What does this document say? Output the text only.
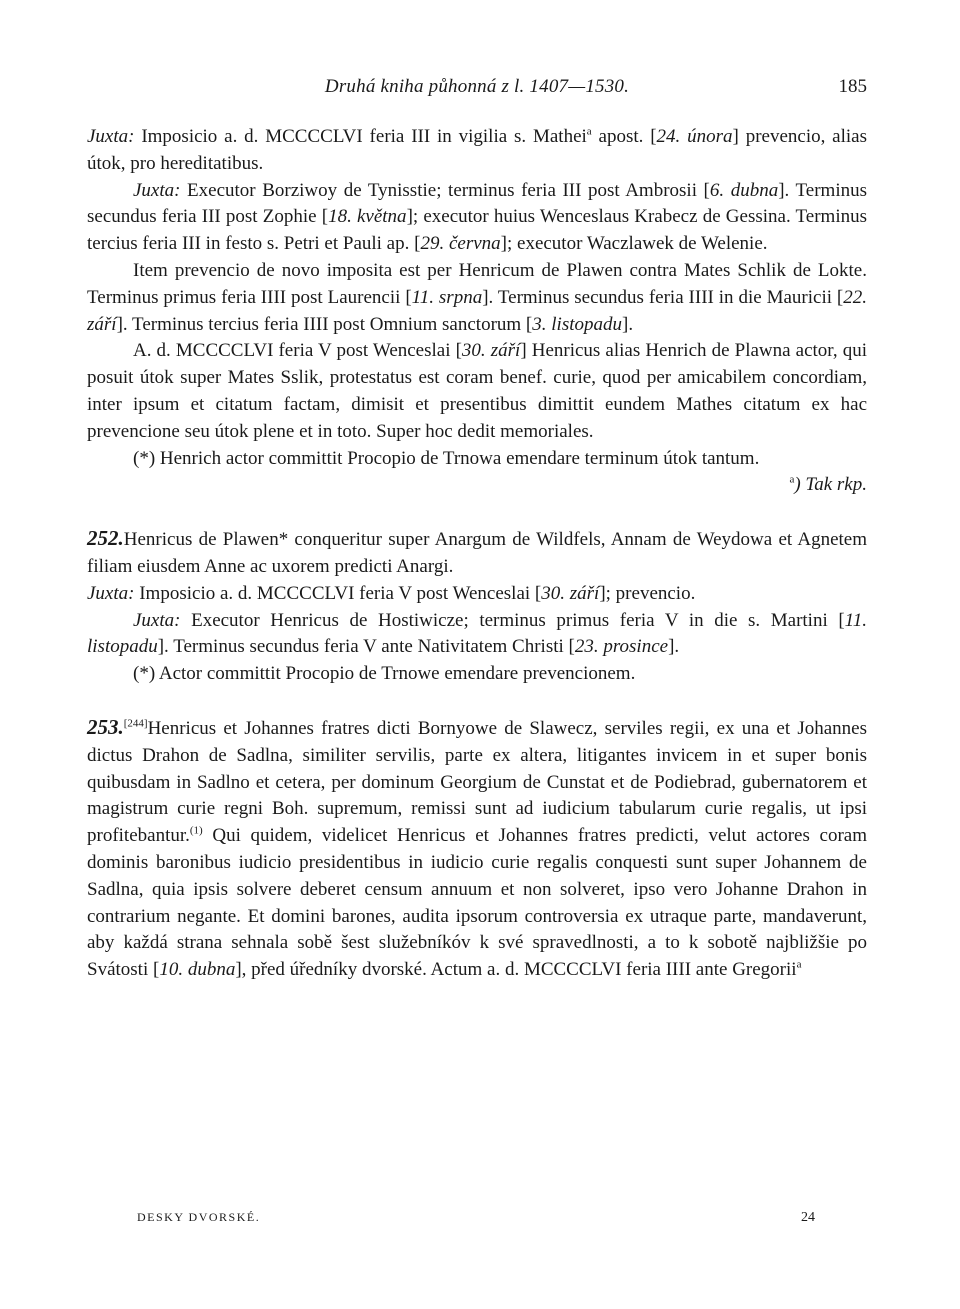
Druhá kniha půhonná z l. 1407—1530.	185

Juxta: Imposicio a. d. MCCCCLVI feria III in vigilia s. Mathei$^a$ apost. [24. února] prevencio, alias útok, pro hereditatibus.

Juxta: Executor Borziwoy de Tynisstie; terminus feria III post Ambrosii [6. dubna]. Terminus secundus feria III post Zophie [18. května]; executor huius Wenceslaus Krabecz de Gessina. Terminus tercius feria III in festo s. Petri et Pauli ap. [29. června]; executor Waczlawek de Welenie.

Item prevencio de novo imposita est per Henricum de Plawen contra Mates Schlik de Lokte. Terminus primus feria IIII post Laurencii [11. srpna]. Terminus secundus feria IIII in die Mauricii [22. září]. Terminus tercius feria IIII post Omnium sanctorum [3. listopadu].

A. d. MCCCCLVI feria V post Wenceslai [30. září] Henricus alias Henrich de Plawna actor, qui posuit útok super Mates Sslik, protestatus est coram benef. curie, quod per amicabilem concordiam, inter ipsum et citatum factam, dimisit et presentibus dimittit eundem Mathes citatum ex hac prevencione seu útok plene et in toto. Super hoc dedit memoriales.

(*) Henrich actor committit Procopio de Trnowa emendare terminum útok tantum.

$^a$) Tak rkp.

252.Henricus de Plawen* conqueritur super Anargum de Wildfels, Annam de Weydowa et Agnetem filiam eiusdem Anne ac uxorem predicti Anargi.

Juxta: Imposicio a. d. MCCCCLVI feria V post Wenceslai [30. září]; prevencio.

Juxta: Executor Henricus de Hostiwicze; terminus primus feria V in die s. Martini [11. listopadu]. Terminus secundus feria V ante Nativitatem Christi [23. prosince].

(*) Actor committit Procopio de Trnowe emendare prevencionem.

253.[244]Henricus et Johannes fratres dicti Bornyowe de Slawecz, serviles regii, ex una et Johannes dictus Drahon de Sadlna, similiter servilis, parte ex altera, litigantes invicem in et super bonis quibusdam in Sadlno et cetera, per dominum Georgium de Cunstat et de Podiebrad, gubernatorem et magistrum curie regni Boh. supremum, remissi sunt ad iudicium tabularum curie regalis, ut ipsi profitebantur.$^{(1)}$ Qui quidem, videlicet Henricus et Johannes fratres predicti, velut actores coram dominis baronibus iudicio presidentibus in iudicio curie regalis conquesti sunt super Johannem de Sadlna, quia ipsis solvere deberet censum annuum et non solveret, ipso vero Johanne Drahon in contrarium negante. Et domini barones, audita ipsorum controversia ex utraque parte, mandaverunt, aby každá strana sehnala sobě šest služebníkóv k své spravedlnosti, a to k sobotě najbližšie po Svátosti [10. dubna], před úředníky dvorské. Actum a. d. MCCCCLVI feria IIII ante Gregorii$^a$

DESKY DVORSKÉ.	24
